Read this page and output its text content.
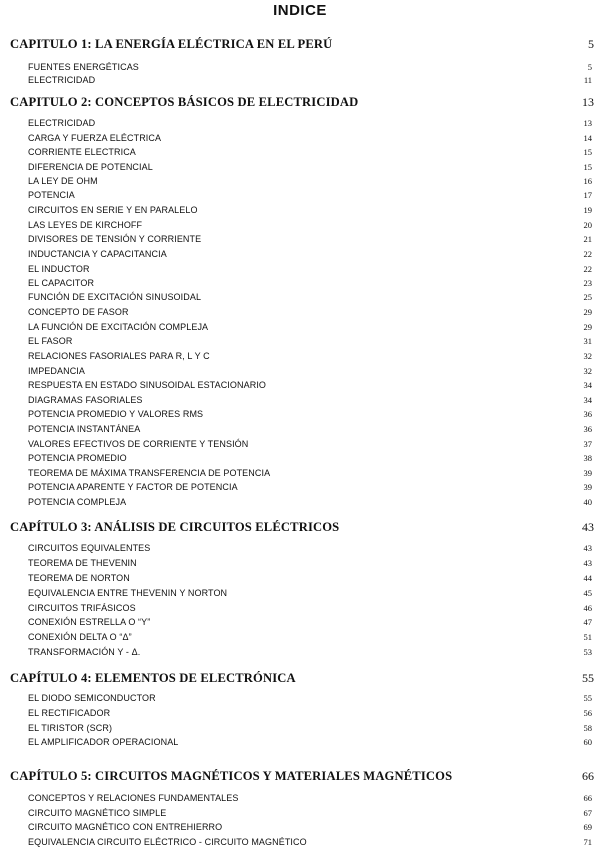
INDICE
CAPITULO 1: LA ENERGÍA ELÉCTRICA EN EL PERÚ	5
FUENTES ENERGÉTICAS	5
ELECTRICIDAD	11
CAPITULO 2: CONCEPTOS BÁSICOS DE ELECTRICIDAD	13
ELECTRICIDAD	13
CARGA Y FUERZA ELÉCTRICA	14
CORRIENTE ELECTRICA	15
DIFERENCIA DE POTENCIAL	15
LA LEY DE OHM	16
POTENCIA	17
CIRCUITOS EN SERIE Y EN PARALELO	19
LAS LEYES DE KIRCHOFF	20
DIVISORES DE TENSIÓN Y CORRIENTE	21
INDUCTANCIA Y CAPACITANCIA	22
EL INDUCTOR	22
EL CAPACITOR	23
FUNCIÓN DE EXCITACIÓN SINUSOIDAL	25
CONCEPTO DE FASOR	29
LA FUNCIÓN DE EXCITACIÓN COMPLEJA	29
EL FASOR	31
RELACIONES FASORIALES PARA R, L Y C	32
IMPEDANCIA	32
RESPUESTA EN ESTADO SINUSOIDAL ESTACIONARIO	34
DIAGRAMAS FASORIALES	34
POTENCIA PROMEDIO Y VALORES RMS	36
POTENCIA INSTANTÁNEA	36
VALORES EFECTIVOS DE CORRIENTE Y TENSIÓN	37
POTENCIA PROMEDIO	38
TEOREMA DE MÁXIMA TRANSFERENCIA DE POTENCIA	39
POTENCIA APARENTE Y FACTOR DE POTENCIA	39
POTENCIA COMPLEJA	40
CAPÍTULO 3: ANÁLISIS DE CIRCUITOS ELÉCTRICOS	43
CIRCUITOS EQUIVALENTES	43
TEOREMA DE THEVENIN	43
TEOREMA DE NORTON	44
EQUIVALENCIA ENTRE THEVENIN Y NORTON	45
CIRCUITOS TRIFÁSICOS	46
CONEXIÓN ESTRELLA O “Y”	47
CONEXIÓN DELTA O “Δ”	51
TRANSFORMACIÓN Y - Δ.	53
CAPÍTULO 4: ELEMENTOS DE ELECTRÓNICA	55
EL DIODO SEMICONDUCTOR	55
EL RECTIFICADOR	56
EL TIRISTOR (SCR)	58
EL AMPLIFICADOR OPERACIONAL	60
CAPÍTULO 5: CIRCUITOS MAGNÉTICOS Y MATERIALES MAGNÉTICOS	66
CONCEPTOS Y RELACIONES FUNDAMENTALES	66
CIRCUITO MAGNÉTICO SIMPLE	67
CIRCUITO MAGNÉTICO CON ENTREHIERRO	69
EQUIVALENCIA CIRCUITO ELÉCTRICO - CIRCUITO MAGNÉTICO	71
